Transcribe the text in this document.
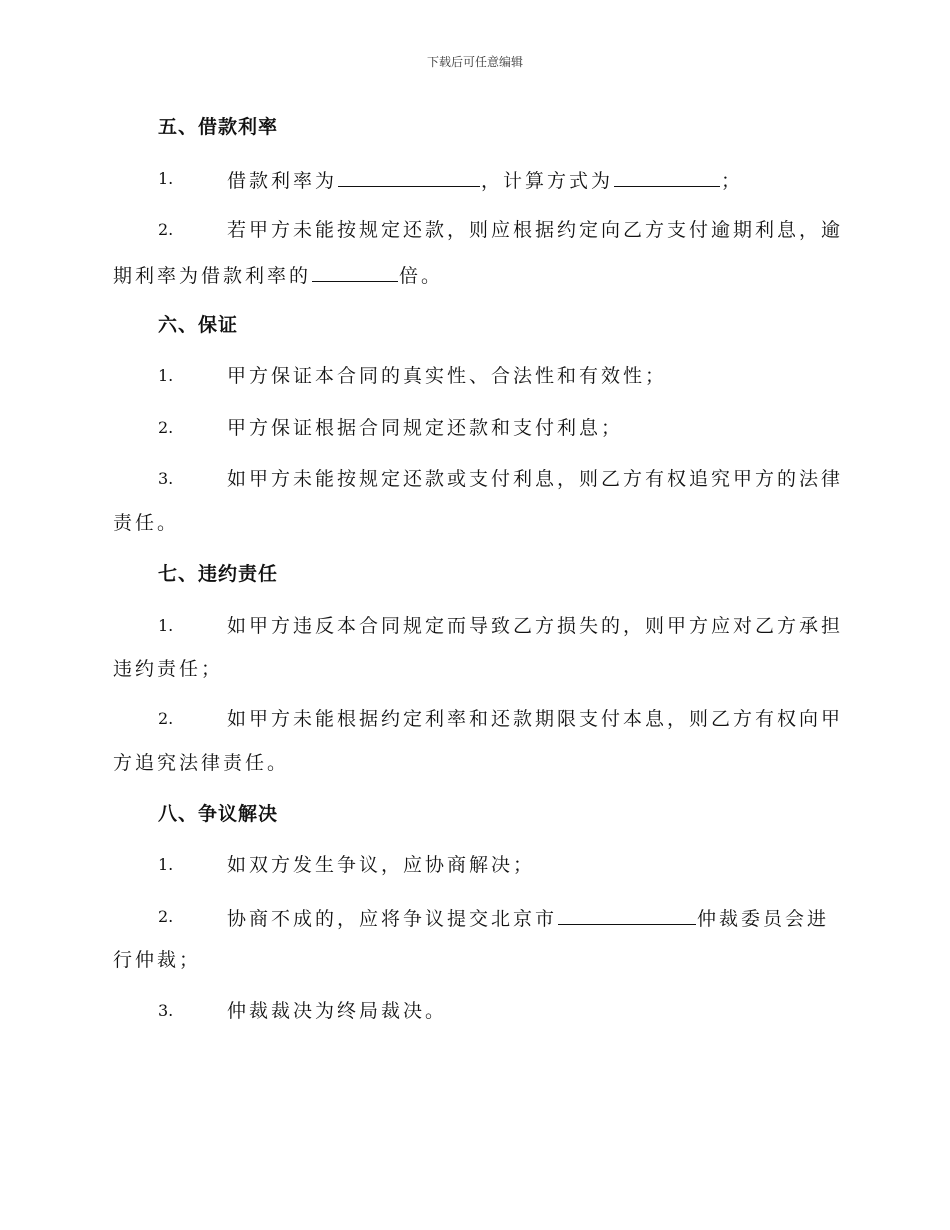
下载后可任意编辑
五、借款利率
1.	借款利率为	，计算方式为	；
2.	若甲方未能按规定还款，则应根据约定向乙方支付逾期利息，逾
期利率为借款利率的	倍。
六、保证
1.	甲方保证本合同的真实性、合法性和有效性；
2.	甲方保证根据合同规定还款和支付利息；
3.	如甲方未能按规定还款或支付利息，则乙方有权追究甲方的法律
责任。
七、违约责任
1.	如甲方违反本合同规定而导致乙方损失的，则甲方应对乙方承担
违约责任；
2.	如甲方未能根据约定利率和还款期限支付本息，则乙方有权向甲
方追究法律责任。
八、争议解决
1.	如双方发生争议，应协商解决；
2.	协商不成的，应将争议提交北京市	仲裁委员会进
行仲裁；
3.	仲裁裁决为终局裁决。
